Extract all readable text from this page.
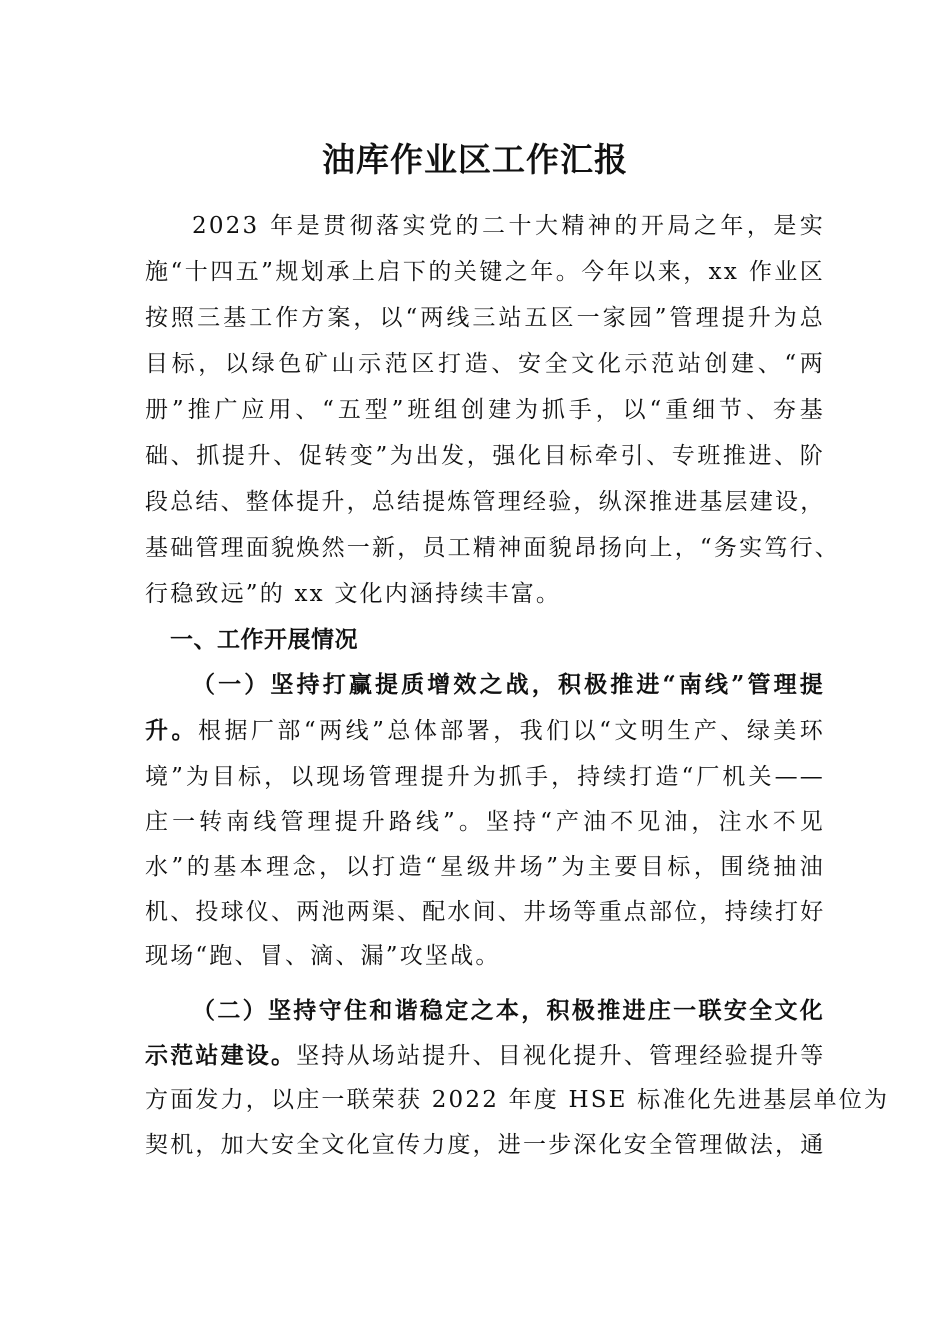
油库作业区工作汇报
2023 年是贯彻落实党的二十大精神的开局之年，是实
施“十四五”规划承上启下的关键之年。今年以来，xx 作业区
按照三基工作方案，以“两线三站五区一家园”管理提升为总
目标，以绿色矿山示范区打造、安全文化示范站创建、“两
册”推广应用、“五型”班组创建为抓手，以“重细节、夯基
础、抓提升、促转变”为出发，强化目标牵引、专班推进、阶
段总结、整体提升，总结提炼管理经验，纵深推进基层建设，
基础管理面貌焕然一新，员工精神面貌昂扬向上，“务实笃行、
行稳致远”的 xx 文化内涵持续丰富。
一、工作开展情况
（一）坚持打赢提质增效之战，积极推进“南线”管理提
升。根据厂部“两线”总体部署，我们以“文明生产、绿美环
境”为目标，以现场管理提升为抓手，持续打造“厂机关——
庄一转南线管理提升路线”。坚持“产油不见油，注水不见
水”的基本理念，以打造“星级井场”为主要目标，围绕抽油
机、投球仪、两池两渠、配水间、井场等重点部位，持续打好
现场“跑、冒、滴、漏”攻坚战。
（二）坚持守住和谐稳定之本，积极推进庄一联安全文化
示范站建设。坚持从场站提升、目视化提升、管理经验提升等
方面发力，以庄一联荣获 2022 年度 HSE 标准化先进基层单位为
契机，加大安全文化宣传力度，进一步深化安全管理做法，通
